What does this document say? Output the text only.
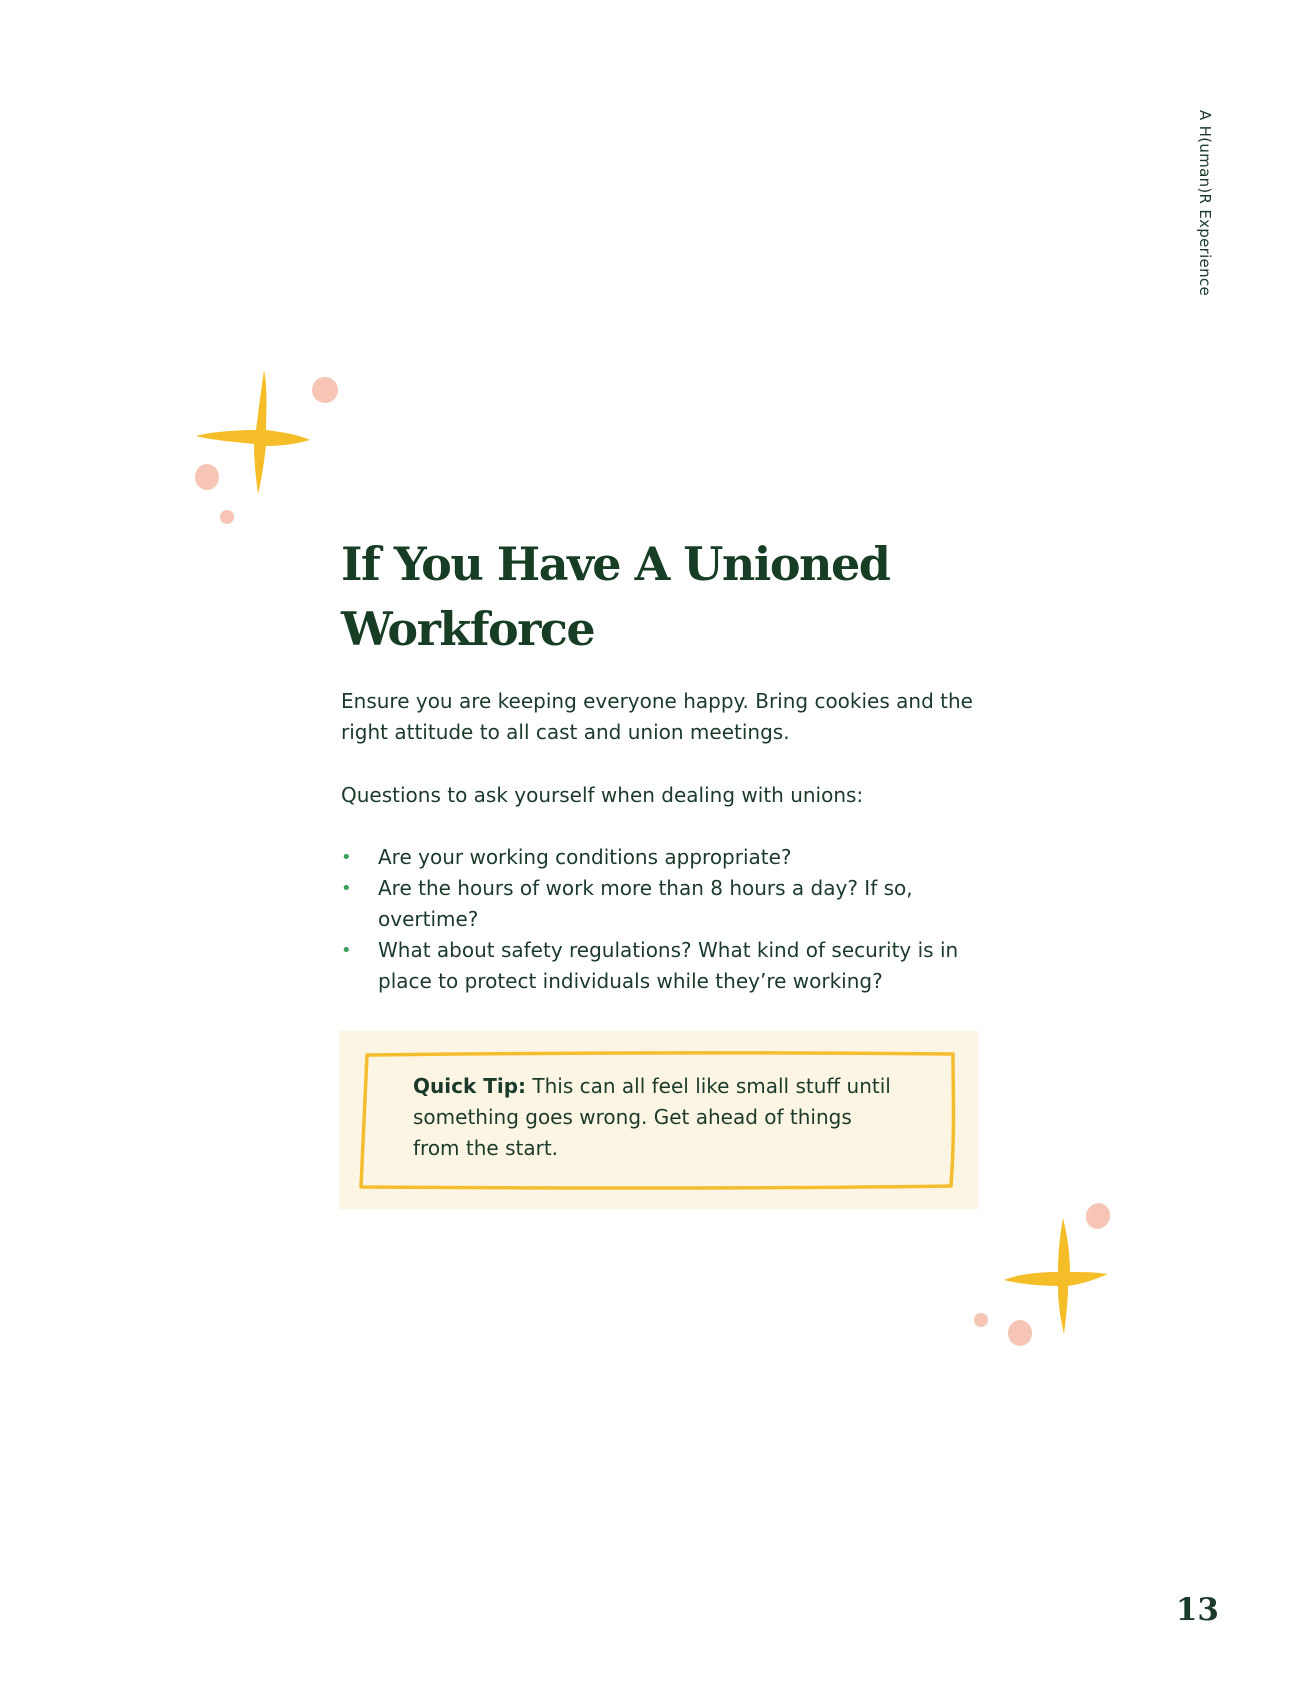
A H(uman)R Experience
If You Have A Unioned Workforce

Ensure you are keeping everyone happy. Bring cookies and the right attitude to all cast and union meetings.

Questions to ask yourself when dealing with unions:

• Are your working conditions appropriate?
• Are the hours of work more than 8 hours a day? If so, overtime?
• What about safety regulations? What kind of security is in place to protect individuals while they’re working?

Quick Tip: This can all feel like small stuff until something goes wrong. Get ahead of things from the start.

13
